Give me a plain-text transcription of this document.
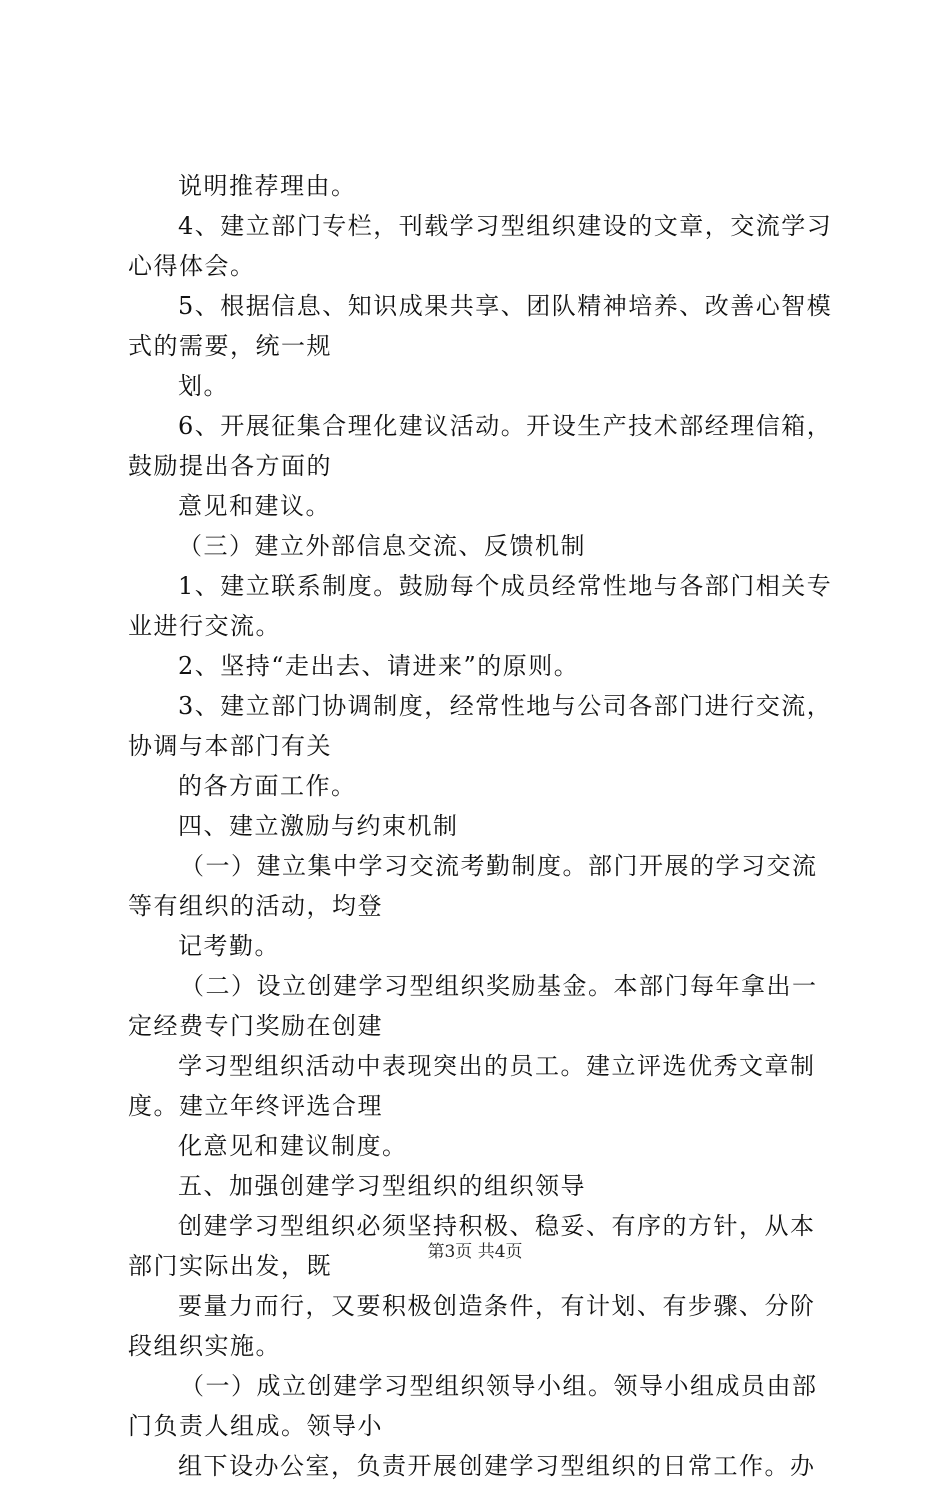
说明推荐理由。
4、建立部门专栏，刊载学习型组织建设的文章，交流学习
心得体会。
5、根据信息、知识成果共享、团队精神培养、改善心智模
式的需要，统一规
划。
6、开展征集合理化建议活动。开设生产技术部经理信箱，
鼓励提出各方面的
意见和建议。
（三）建立外部信息交流、反馈机制
1、建立联系制度。鼓励每个成员经常性地与各部门相关专
业进行交流。
2、坚持“走出去、请进来”的原则。
3、建立部门协调制度，经常性地与公司各部门进行交流，
协调与本部门有关
的各方面工作。
四、建立激励与约束机制
（一）建立集中学习交流考勤制度。部门开展的学习交流
等有组织的活动，均登
记考勤。
（二）设立创建学习型组织奖励基金。本部门每年拿出一
定经费专门奖励在创建
学习型组织活动中表现突出的员工。建立评选优秀文章制
度。建立年终评选合理
化意见和建议制度。
五、加强创建学习型组织的组织领导
创建学习型组织必须坚持积极、稳妥、有序的方针，从本
部门实际出发，既
要量力而行，又要积极创造条件，有计划、有步骤、分阶
段组织实施。
（一）成立创建学习型组织领导小组。领导小组成员由部
门负责人组成。领导小
组下设办公室，负责开展创建学习型组织的日常工作。办
第3页 共4页
